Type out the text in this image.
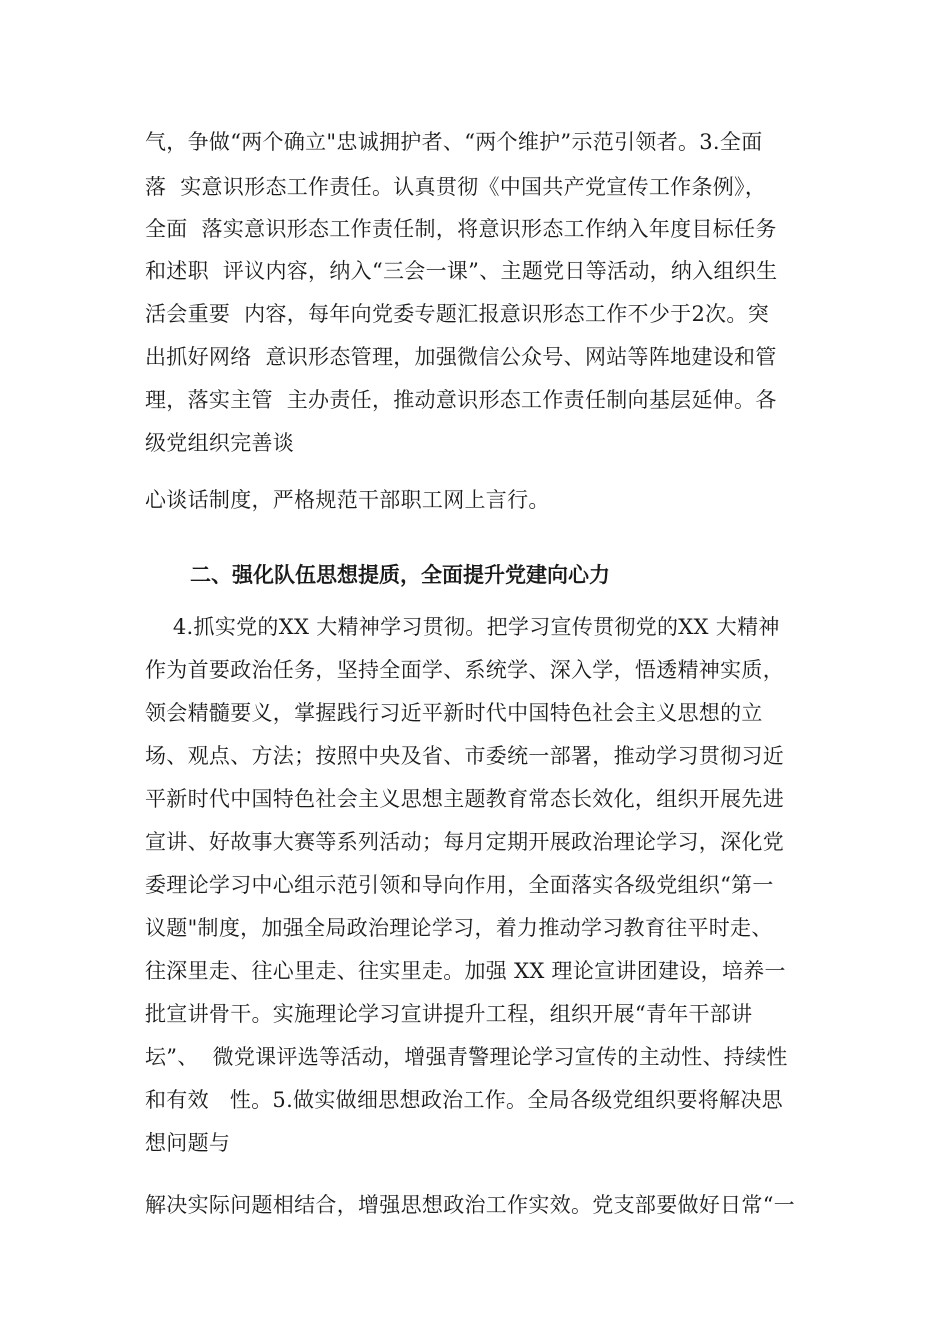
气，争做“两个确立"忠诚拥护者、“两个维护”示范引领者。3.全面
落  实意识形态工作责任。认真贯彻《中国共产党宣传工作条例》，
全面  落实意识形态工作责任制，将意识形态工作纳入年度目标任务
和述职  评议内容，纳入“三会一课”、主题党日等活动，纳入组织生
活会重要  内容，每年向党委专题汇报意识形态工作不少于2次。突
出抓好网络  意识形态管理，加强微信公众号、网站等阵地建设和管
理，落实主管  主办责任，推动意识形态工作责任制向基层延伸。各
级党组织完善谈
心谈话制度，严格规范干部职工网上言行。
二、强化队伍思想提质，全面提升党建向心力
4.抓实党的XX 大精神学习贯彻。把学习宣传贯彻党的XX 大精神
作为首要政治任务，坚持全面学、系统学、深入学，悟透精神实质，
领会精髓要义，掌握践行习近平新时代中国特色社会主义思想的立
场、观点、方法；按照中央及省、市委统一部署，推动学习贯彻习近
平新时代中国特色社会主义思想主题教育常态长效化，组织开展先进
宣讲、好故事大赛等系列活动；每月定期开展政治理论学习，深化党
委理论学习中心组示范引领和导向作用，全面落实各级党组织“第一
议题"制度，加强全局政治理论学习，着力推动学习教育往平时走、
往深里走、往心里走、往实里走。加强 XX 理论宣讲团建设，培养一
批宣讲骨干。实施理论学习宣讲提升工程，组织开展“青年干部讲
坛”、  微党课评选等活动，增强青警理论学习宣传的主动性、持续性
和有效   性。5.做实做细思想政治工作。全局各级党组织要将解决思
想问题与
解决实际问题相结合，增强思想政治工作实效。党支部要做好日常“一
